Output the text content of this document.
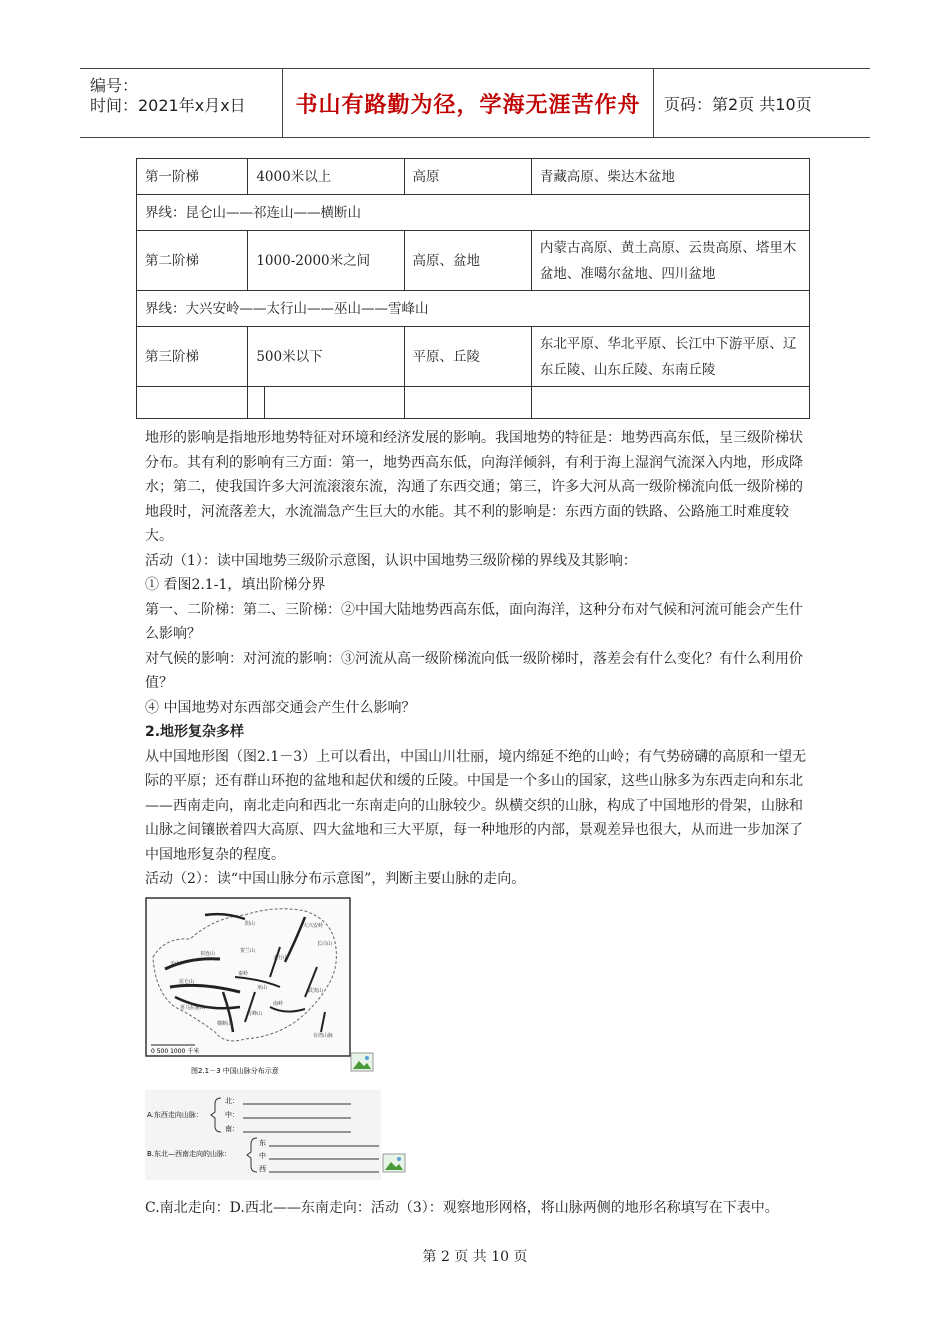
编号：
时间：2021年x月x日 书山有路勤为径，学海无涯苦作舟	页码：第2页 共10页
第一阶梯	4000米以上		高原	青藏高原、柴达木盆地
界线：昆仑山——祁连山——横断山				
第二阶梯	1000-2000米之间		高原、盆地	内蒙古高原、黄土高原、云贵高原、塔里木盆地、准噶尔盆地、四川盆地
界线：大兴安岭——太行山——巫山——雪峰山				
第三阶梯	500米以下		平原、丘陵	东北平原、华北平原、长江中下游平原、辽东丘陵、山东丘陵、东南丘陵

地形的影响是指地形地势特征对环境和经济发展的影响。我国地势的特征是：地势西高东低，呈三级阶梯状分布。其有利的影响有三方面：第一，地势西高东低，向海洋倾斜，有利于海上湿润气流深入内地，形成降水；第二，使我国许多大河流滚滚东流，沟通了东西交通；第三，许多大河从高一级阶梯流向低一级阶梯的地段时，河流落差大，水流湍急产生巨大的水能。其不利的影响是：东西方面的铁路、公路施工时难度较大。

活动（1）：读中国地势三级阶示意图，认识中国地势三级阶梯的界线及其影响：

① 看图2.1-1，填出阶梯分界

第一、二阶梯：第二、三阶梯：②中国大陆地势西高东低，面向海洋，这种分布对气候和河流可能会产生什么影响？

对气候的影响：对河流的影响：③河流从高一级阶梯流向低一级阶梯时，落差会有什么变化？有什么利用价值？

④ 中国地势对东西部交通会产生什么影响？

2.地形复杂多样

从中国地形图（图2.1－3）上可以看出，中国山川壮丽，境内绵延不绝的山岭；有气势磅礴的高原和一望无际的平原；还有群山环抱的盆地和起伏和缓的丘陵。中国是一个多山的国家，这些山脉多为东西走向和东北——西南走向，南北走向和西北一东南走向的山脉较少。纵横交织的山脉，构成了中国地形的骨架，山脉和山脉之间镶嵌着四大高原、四大盆地和三大平原，每一种地形的内部，景观差异也很大，从而进一步加深了中国地形复杂的程度。

活动（2）：读“中国山脉分布示意图”，判断主要山脉的走向。

0 500 1000 千米
天山
阴山
秦岭
南岭
昆仑山
大兴安岭
太行山
巫山
雪峰山
武夷山
横断山
贺兰山
祁连山
喜马拉雅山
台湾山脉
长白山
图2.1－3 中国山脉分布示意
A.东西走向山脉：
北：
中：
南：
B.东北—西南走向的山脉：
东
中
西

C.南北走向：D.西北——东南走向：活动（3）：观察地形网格，将山脉两侧的地形名称填写在下表中。

第 2 页 共 10 页
